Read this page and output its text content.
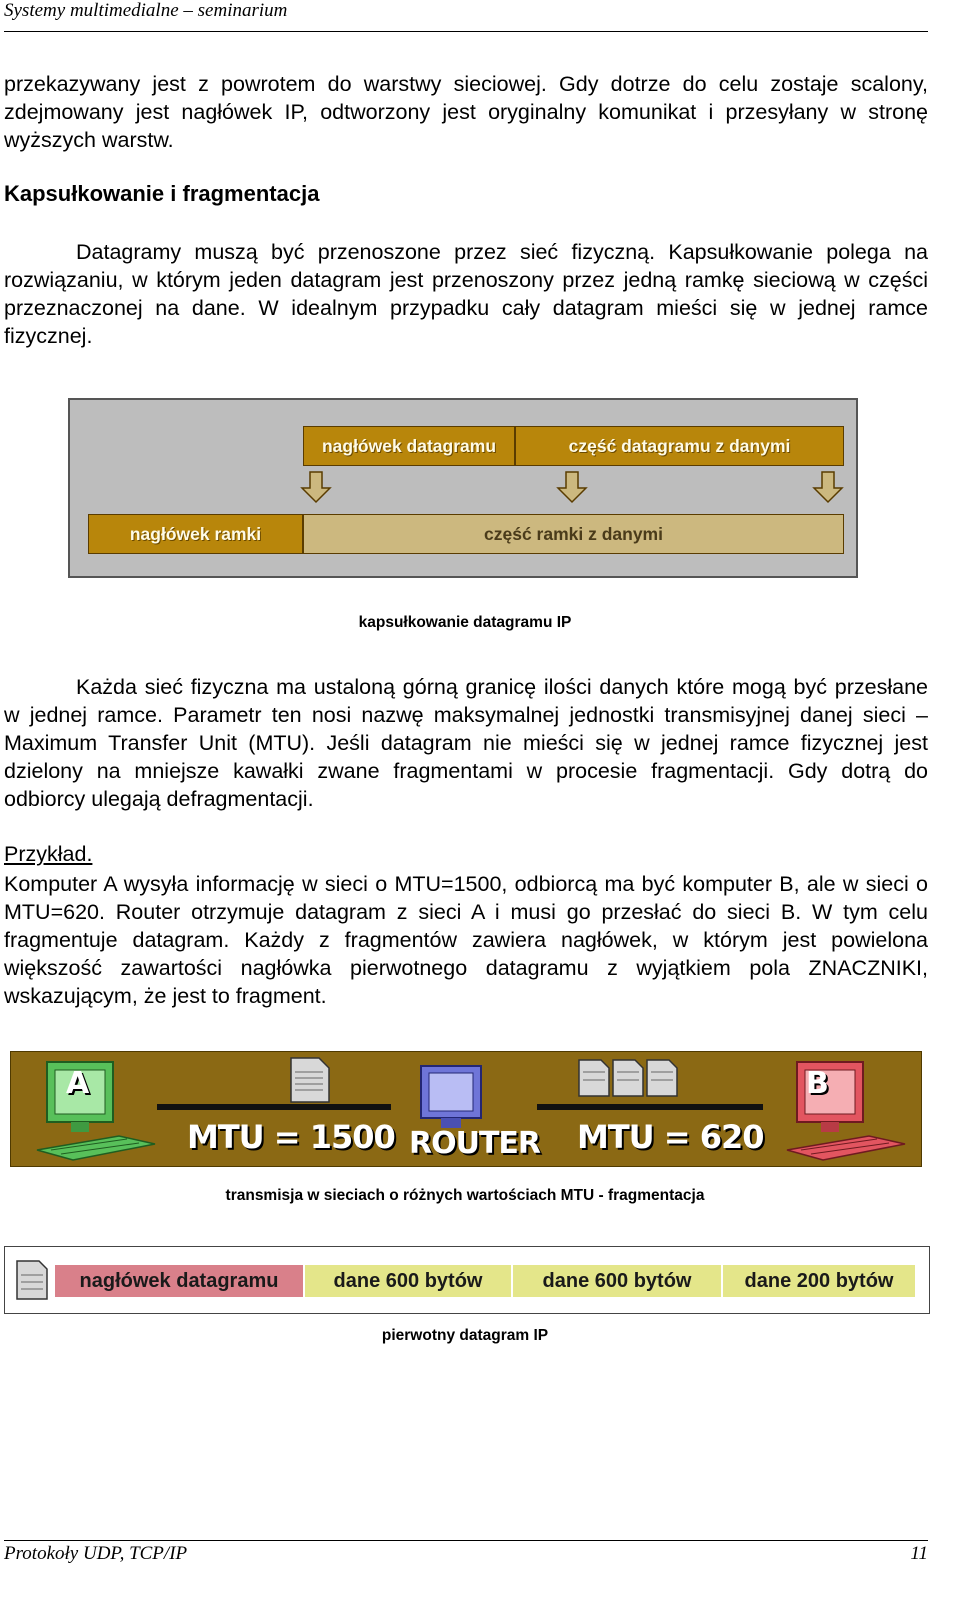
Systemy multimedialne – seminarium

przekazywany jest z powrotem do warstwy sieciowej. Gdy dotrze do celu zostaje scalony, zdejmowany jest nagłówek IP, odtworzony jest oryginalny komunikat i przesyłany w stronę wyższych warstw.

Kapsułkowanie i fragmentacja

Datagramy muszą być przenoszone przez sieć fizyczną. Kapsułkowanie polega na rozwiązaniu, w którym jeden datagram jest przenoszony przez jedną ramkę sieciową w części przeznaczonej na dane. W idealnym przypadku cały datagram mieści się w jednej ramce fizycznej.

nagłówek datagramu	część datagramu z danymi
nagłówek ramki	część ramki z danymi
kapsułkowanie datagramu IP

Każda sieć fizyczna ma ustaloną górną granicę ilości danych które mogą być przesłane w jednej ramce. Parametr ten nosi nazwę maksymalnej jednostki transmisyjnej danej sieci – Maximum Transfer Unit (MTU). Jeśli datagram nie mieści się w jednej ramce fizycznej jest dzielony na mniejsze kawałki zwane fragmentami w procesie fragmentacji. Gdy dotrą do odbiorcy ulegają defragmentacji.

Przykład.

Komputer A wysyła informację w sieci o MTU=1500, odbiorcą ma być komputer B, ale w sieci o MTU=620. Router otrzymuje datagram z sieci A i musi go przesłać do sieci B. W tym celu fragmentuje datagram. Każdy z fragmentów zawiera nagłówek, w którym jest powielona większość zawartości nagłówka pierwotnego datagramu z wyjątkiem pola ZNACZNIKI, wskazującym, że jest to fragment.

A
MTU = 1500 ROUTER MTU = 620
B
transmisja w sieciach o różnych wartościach MTU - fragmentacja
nagłówek datagramu	dane 600 bytów	dane 600 bytów	dane 200 bytów
pierwotny datagram IP
Protokoły UDP, TCP/IP	11
